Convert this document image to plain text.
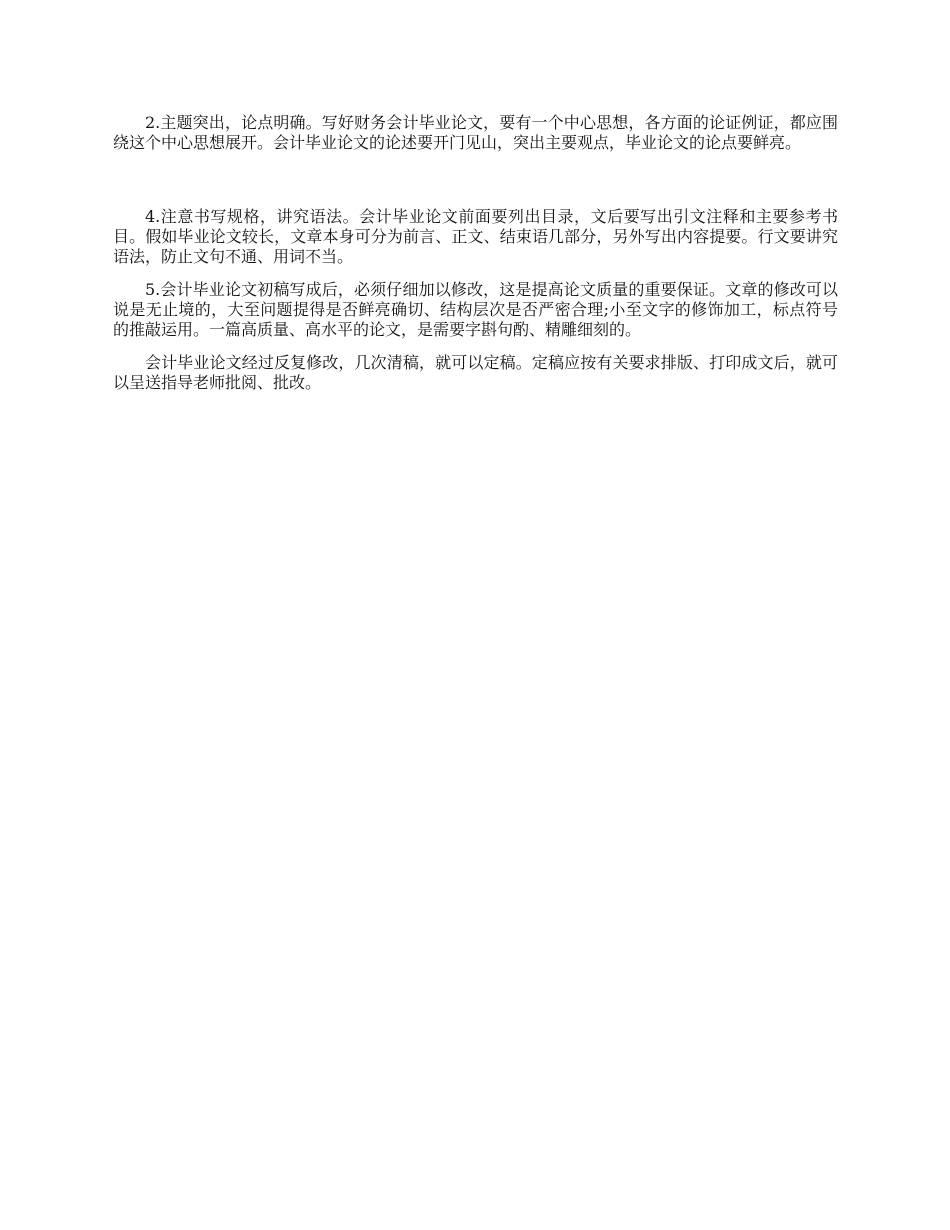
2.主题突出，论点明确。写好财务会计毕业论文，要有一个中心思想，各方面的论证例证，都应围绕这个中心思想展开。会计毕业论文的论述要开门见山，突出主要观点，毕业论文的论点要鲜亮。

4.注意书写规格，讲究语法。会计毕业论文前面要列出目录，文后要写出引文注释和主要参考书目。假如毕业论文较长，文章本身可分为前言、正文、结束语几部分，另外写出内容提要。行文要讲究语法，防止文句不通、用词不当。

5.会计毕业论文初稿写成后，必须仔细加以修改，这是提高论文质量的重要保证。文章的修改可以说是无止境的，大至问题提得是否鲜亮确切、结构层次是否严密合理;小至文字的修饰加工，标点符号的推敲运用。一篇高质量、高水平的论文，是需要字斟句酌、精雕细刻的。

会计毕业论文经过反复修改，几次清稿，就可以定稿。定稿应按有关要求排版、打印成文后，就可以呈送指导老师批阅、批改。
